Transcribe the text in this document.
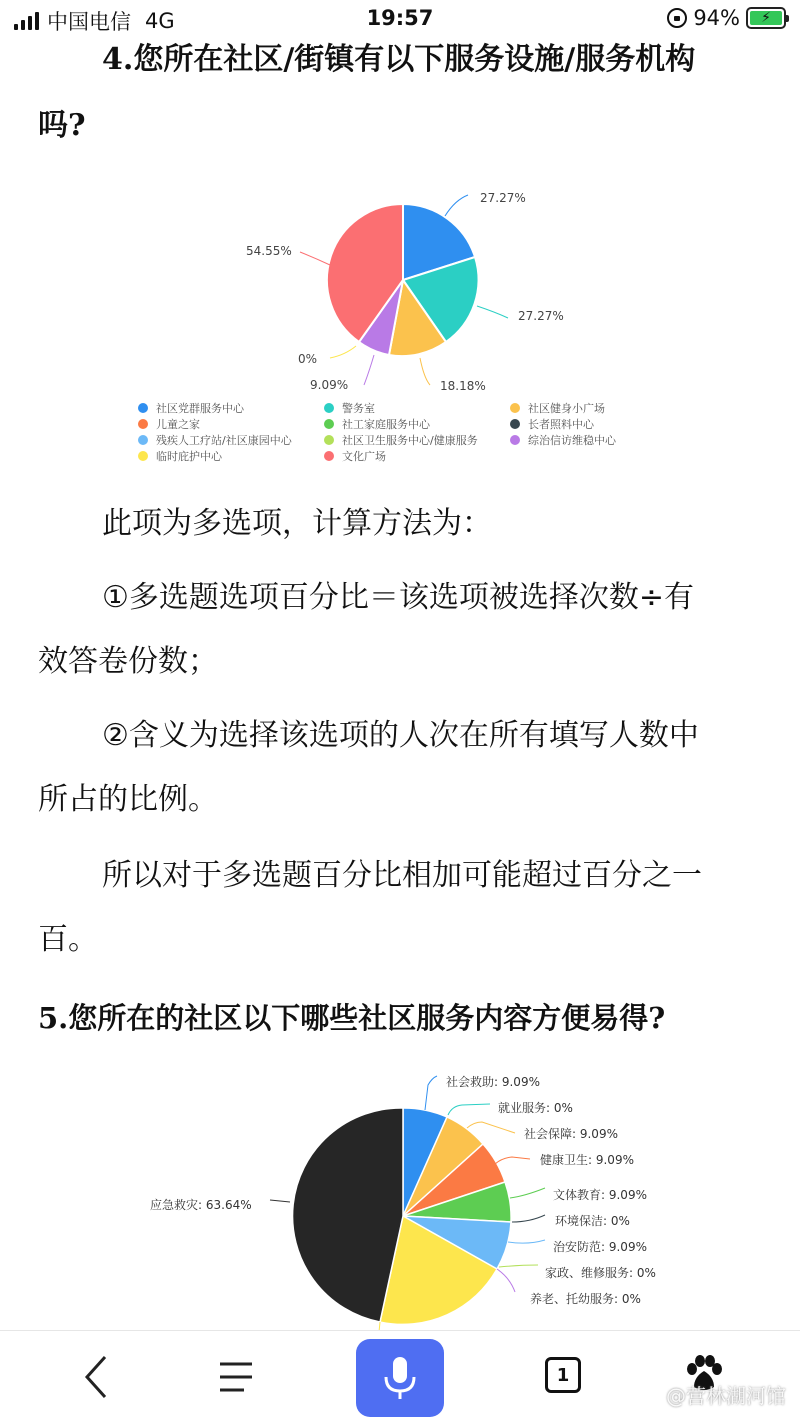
中国电信 4G	19:57	94%	⚡
4.您所在社区/街镇有以下服务设施/服务机构
吗?
27.27%
27.27%
18.18%
9.09%
0%
54.55%
社区党群服务中心	警务室	社区健身小广场
儿童之家	社工家庭服务中心	长者照料中心
残疾人工疗站/社区康园中心	社区卫生服务中心/健康服务	综治信访维稳中心
临时庇护中心	文化广场
此项为多选项，计算方法为：
①多选题选项百分比＝该选项被选择次数÷有
效答卷份数；
②含义为选择该选项的人次在所有填写人数中
所占的比例。
所以对于多选题百分比相加可能超过百分之一
百。
5.您所在的社区以下哪些社区服务内容方便易得?
社会救助: 9.09%
就业服务: 0%
社会保障: 9.09%
健康卫生: 9.09%
文体教育: 9.09%
环境保洁: 0%
治安防范: 9.09%
家政、维修服务: 0%
养老、托幼服务: 0%
应急救灾: 63.64%
1
@营林湖河馆
